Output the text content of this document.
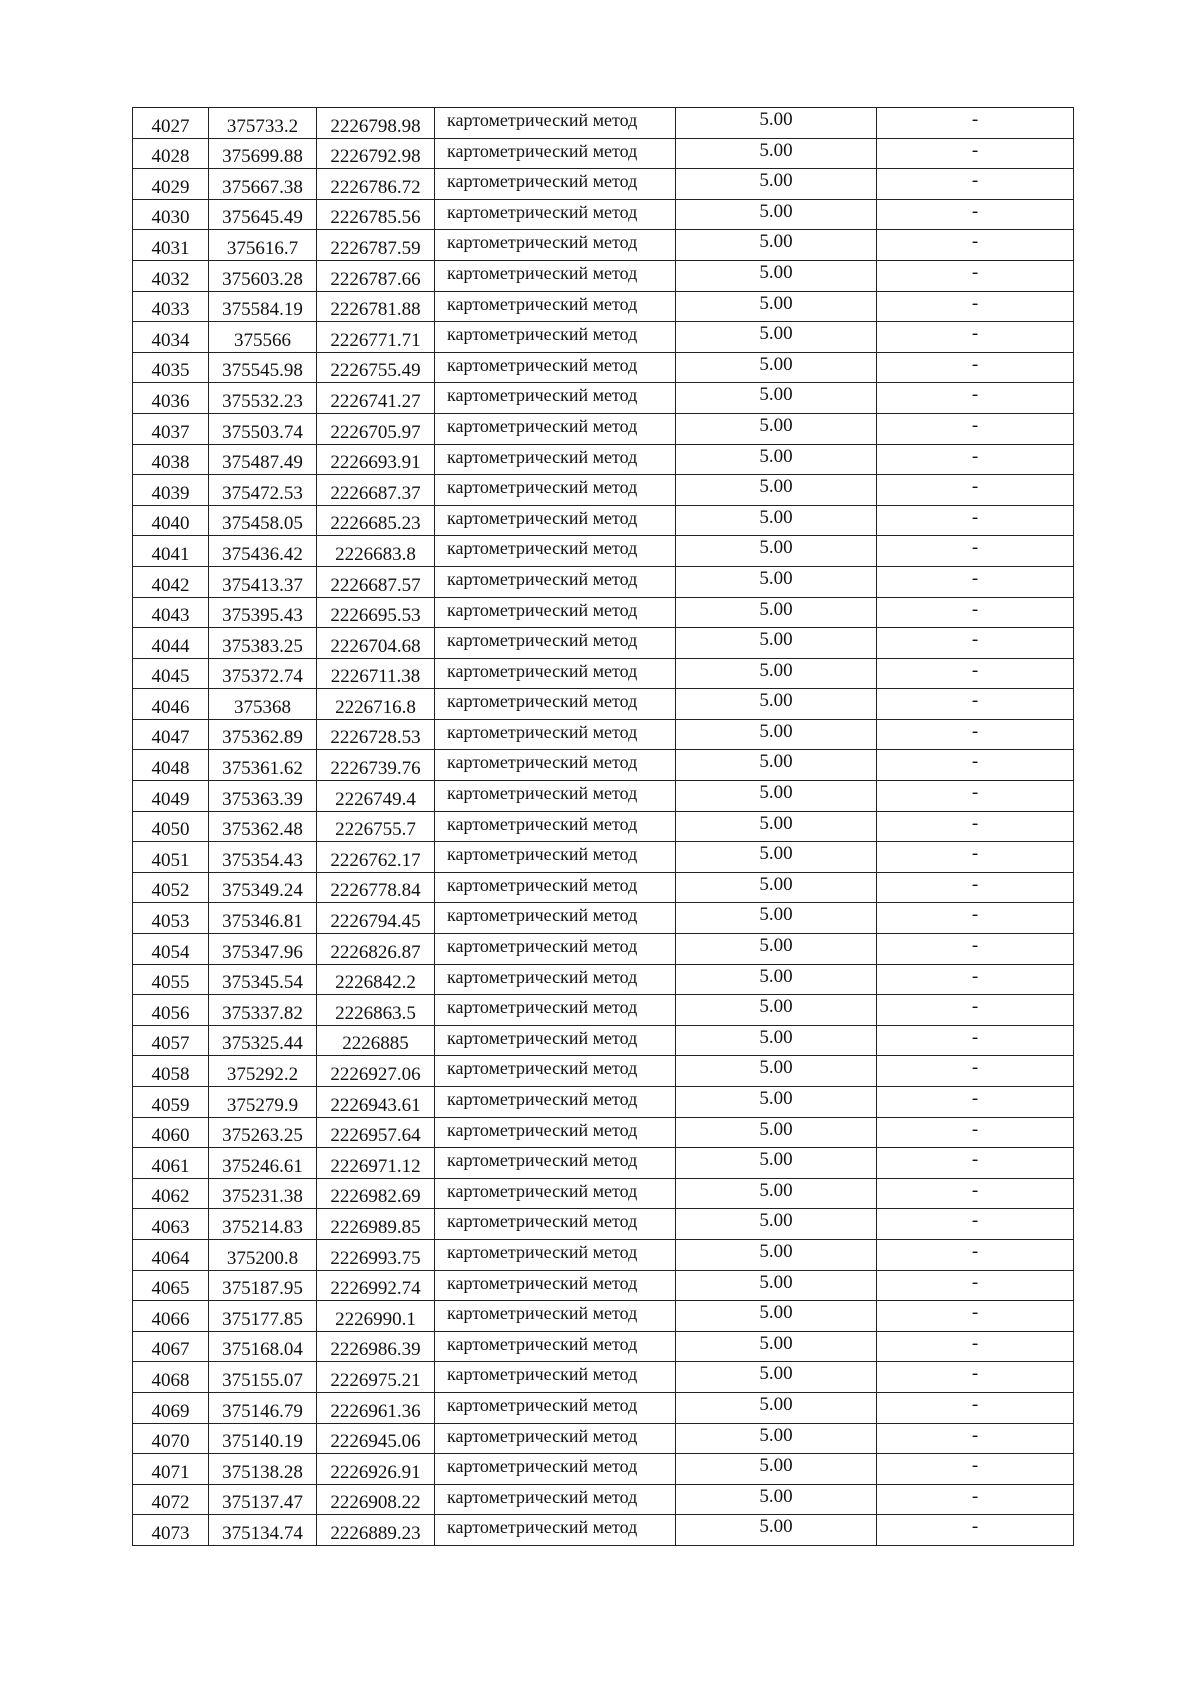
4027	375733.2	2226798.98	картометрический метод	5.00	-
4028	375699.88	2226792.98	картометрический метод	5.00	-
4029	375667.38	2226786.72	картометрический метод	5.00	-
4030	375645.49	2226785.56	картометрический метод	5.00	-
4031	375616.7	2226787.59	картометрический метод	5.00	-
4032	375603.28	2226787.66	картометрический метод	5.00	-
4033	375584.19	2226781.88	картометрический метод	5.00	-
4034	375566	2226771.71	картометрический метод	5.00	-
4035	375545.98	2226755.49	картометрический метод	5.00	-
4036	375532.23	2226741.27	картометрический метод	5.00	-
4037	375503.74	2226705.97	картометрический метод	5.00	-
4038	375487.49	2226693.91	картометрический метод	5.00	-
4039	375472.53	2226687.37	картометрический метод	5.00	-
4040	375458.05	2226685.23	картометрический метод	5.00	-
4041	375436.42	2226683.8	картометрический метод	5.00	-
4042	375413.37	2226687.57	картометрический метод	5.00	-
4043	375395.43	2226695.53	картометрический метод	5.00	-
4044	375383.25	2226704.68	картометрический метод	5.00	-
4045	375372.74	2226711.38	картометрический метод	5.00	-
4046	375368	2226716.8	картометрический метод	5.00	-
4047	375362.89	2226728.53	картометрический метод	5.00	-
4048	375361.62	2226739.76	картометрический метод	5.00	-
4049	375363.39	2226749.4	картометрический метод	5.00	-
4050	375362.48	2226755.7	картометрический метод	5.00	-
4051	375354.43	2226762.17	картометрический метод	5.00	-
4052	375349.24	2226778.84	картометрический метод	5.00	-
4053	375346.81	2226794.45	картометрический метод	5.00	-
4054	375347.96	2226826.87	картометрический метод	5.00	-
4055	375345.54	2226842.2	картометрический метод	5.00	-
4056	375337.82	2226863.5	картометрический метод	5.00	-
4057	375325.44	2226885	картометрический метод	5.00	-
4058	375292.2	2226927.06	картометрический метод	5.00	-
4059	375279.9	2226943.61	картометрический метод	5.00	-
4060	375263.25	2226957.64	картометрический метод	5.00	-
4061	375246.61	2226971.12	картометрический метод	5.00	-
4062	375231.38	2226982.69	картометрический метод	5.00	-
4063	375214.83	2226989.85	картометрический метод	5.00	-
4064	375200.8	2226993.75	картометрический метод	5.00	-
4065	375187.95	2226992.74	картометрический метод	5.00	-
4066	375177.85	2226990.1	картометрический метод	5.00	-
4067	375168.04	2226986.39	картометрический метод	5.00	-
4068	375155.07	2226975.21	картометрический метод	5.00	-
4069	375146.79	2226961.36	картометрический метод	5.00	-
4070	375140.19	2226945.06	картометрический метод	5.00	-
4071	375138.28	2226926.91	картометрический метод	5.00	-
4072	375137.47	2226908.22	картометрический метод	5.00	-
4073	375134.74	2226889.23	картометрический метод	5.00	-
